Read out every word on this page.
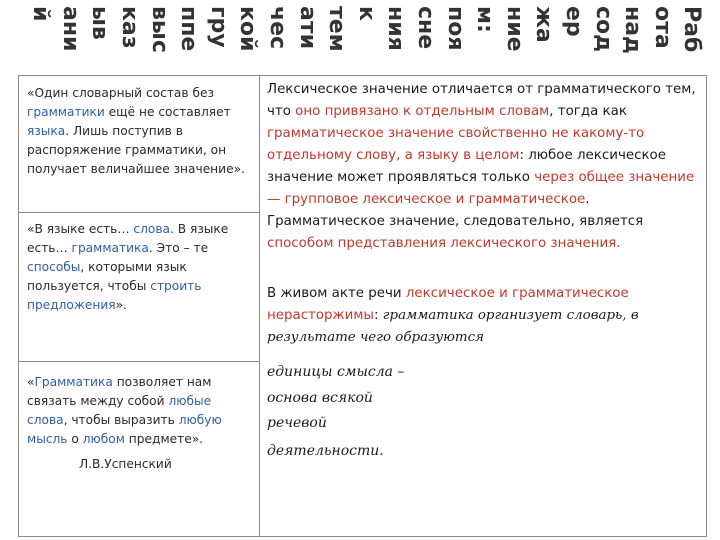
Раб
ота
над
сод
ер
жа
ние
м:
поя
сне
ния
к
тем
ати
чес
кой
гру
ппе
выс
каз
ыв
ани
й
«Один словарный состав без грамматики ещё не составляет языка. Лишь поступив в распоряжение грамматики, он получает величайшее значение».
«В языке есть… слова. В языке есть… грамматика. Это – те способы, которыми язык пользуется, чтобы строить предложения».
«Грамматика позволяет нам связать между собой любые слова, чтобы выразить любую мысль о любом предмете».
Л.В.Успенский
Лексическое значение отличается от грамматического тем, что оно привязано к отдельным словам, тогда как грамматическое значение свойственно не какому-то отдельному слову, а языку в целом: любое лексическое значение может проявляться только через общее значение — групповое лексическое и грамматическое. Грамматическое значение, следовательно, является способом представления лексического значения.
В живом акте речи лексическое и грамматическое нерасторжимы: грамматика организует словарь, в
результате чего образуются
единицы смысла –
основа всякой
речевой
деятельности.
